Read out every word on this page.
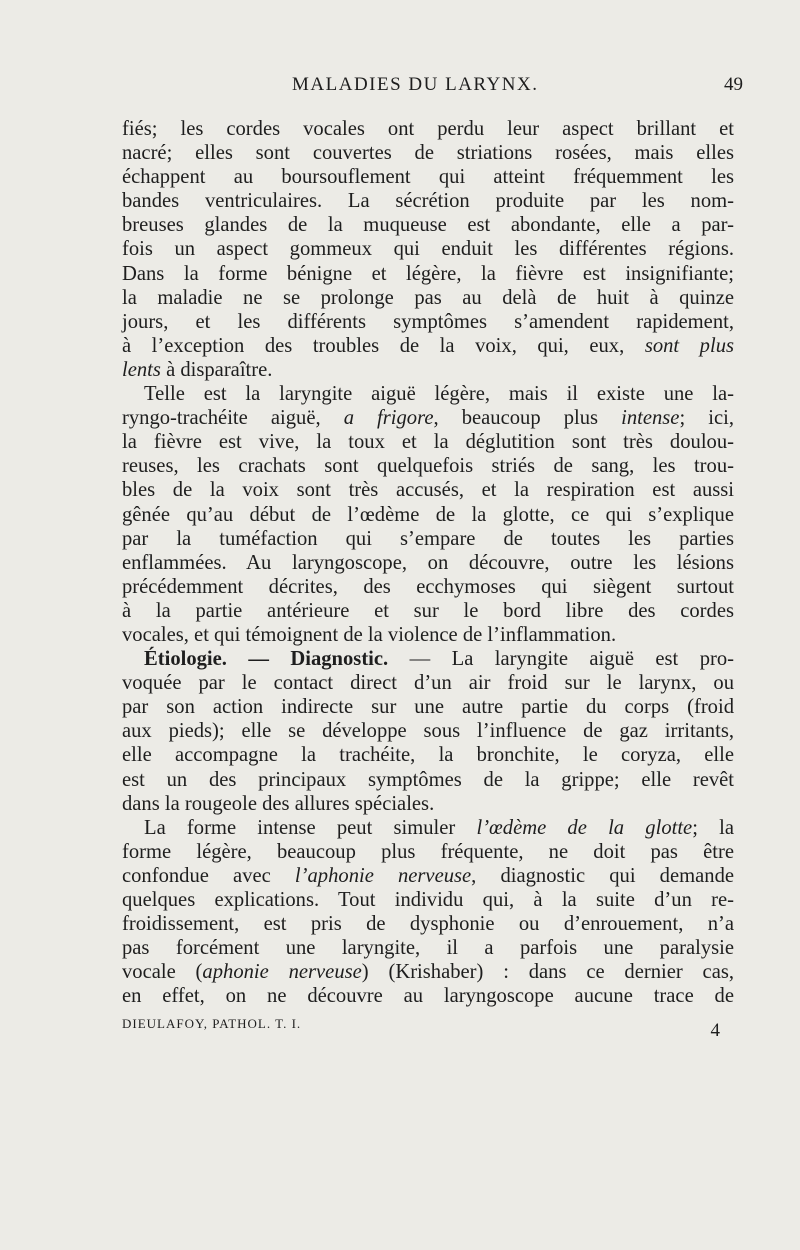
MALADIES DU LARYNX.	49
fiés; les cordes vocales ont perdu leur aspect brillant et
nacré; elles sont couvertes de striations rosées, mais elles
échappent au boursouflement qui atteint fréquemment les
bandes ventriculaires. La sécrétion produite par les nom-
breuses glandes de la muqueuse est abondante, elle a par-
fois un aspect gommeux qui enduit les différentes régions.
Dans la forme bénigne et légère, la fièvre est insignifiante;
la maladie ne se prolonge pas au delà de huit à quinze
jours, et les différents symptômes s’amendent rapidement,
à l’exception des troubles de la voix, qui, eux, sont plus
lents à disparaître.
Telle est la laryngite aiguë légère, mais il existe une la-
ryngo-trachéite aiguë, a frigore, beaucoup plus intense; ici,
la fièvre est vive, la toux et la déglutition sont très doulou-
reuses, les crachats sont quelquefois striés de sang, les trou-
bles de la voix sont très accusés, et la respiration est aussi
gênée qu’au début de l’œdème de la glotte, ce qui s’explique
par la tuméfaction qui s’empare de toutes les parties
enflammées. Au laryngoscope, on découvre, outre les lésions
précédemment décrites, des ecchymoses qui siègent surtout
à la partie antérieure et sur le bord libre des cordes
vocales, et qui témoignent de la violence de l’inflammation.
Étiologie. — Diagnostic. — La laryngite aiguë est pro-
voquée par le contact direct d’un air froid sur le larynx, ou
par son action indirecte sur une autre partie du corps (froid
aux pieds); elle se développe sous l’influence de gaz irritants,
elle accompagne la trachéite, la bronchite, le coryza, elle
est un des principaux symptômes de la grippe; elle revêt
dans la rougeole des allures spéciales.
La forme intense peut simuler l’œdème de la glotte; la
forme légère, beaucoup plus fréquente, ne doit pas être
confondue avec l’aphonie nerveuse, diagnostic qui demande
quelques explications. Tout individu qui, à la suite d’un re-
froidissement, est pris de dysphonie ou d’enrouement, n’a
pas forcément une laryngite, il a parfois une paralysie
vocale (aphonie nerveuse) (Krishaber) : dans ce dernier cas,
en effet, on ne découvre au laryngoscope aucune trace de
DIEULAFOY, PATHOL. T. I.	4
